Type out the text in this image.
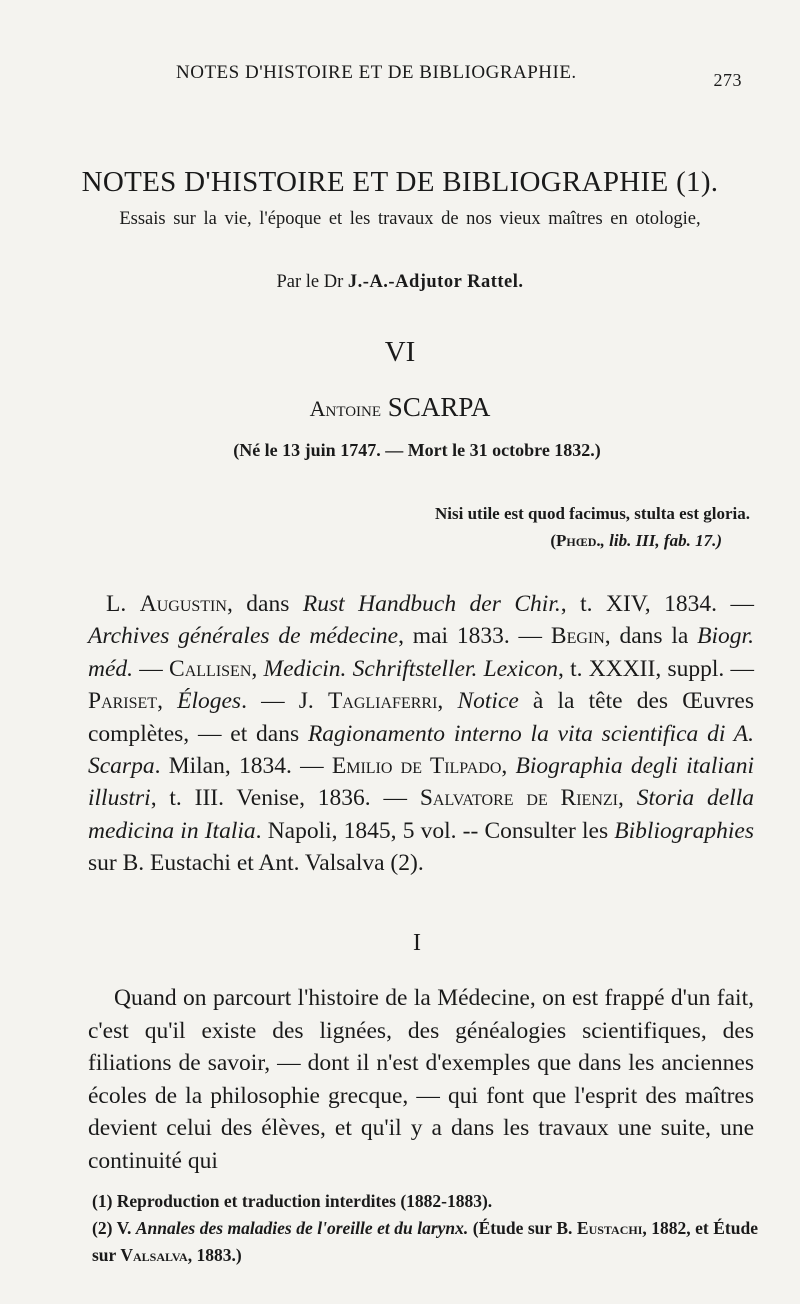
NOTES D'HISTOIRE ET DE BIBLIOGRAPHIE.	273
NOTES D'HISTOIRE ET DE BIBLIOGRAPHIE (1).
Essais sur la vie, l'époque et les travaux de nos vieux maîtres en otologie,
Par le Dr J.-A.-Adjutor Rattel.
VI
Antoine SCARPA
(Né le 13 juin 1747. — Mort le 31 octobre 1832.)
Nisi utile est quod facimus, stulta est gloria.
(Phœd., lib. III, fab. 17.)
L. Augustin, dans Rust Handbuch der Chir., t. XIV, 1834. — Archives générales de médecine, mai 1833. — Begin, dans la Biogr. méd. — Callisen, Medicin. Schriftsteller. Lexicon, t. XXXII, suppl. — Pariset, Éloges. — J. Tagliaferri, Notice à la tête des Œuvres complètes, — et dans Ragionamento interno la vita scientifica di A. Scarpa. Milan, 1834. — Emilio de Tilpado, Biographia degli italiani illustri, t. III. Venise, 1836. — Salvatore de Rienzi, Storia della medicina in Italia. Napoli, 1845, 5 vol. -- Consulter les Bibliographies sur B. Eustachi et Ant. Valsalva (2).
I
Quand on parcourt l'histoire de la Médecine, on est frappé d'un fait, c'est qu'il existe des lignées, des généalogies scientifiques, des filiations de savoir, — dont il n'est d'exemples que dans les anciennes écoles de la philosophie grecque, — qui font que l'esprit des maîtres devient celui des élèves, et qu'il y a dans les travaux une suite, une continuité qui

(1) Reproduction et traduction interdites (1882-1883).

(2) V. Annales des maladies de l'oreille et du larynx. (Étude sur B. Eustachi, 1882, et Étude sur Valsalva, 1883.)
